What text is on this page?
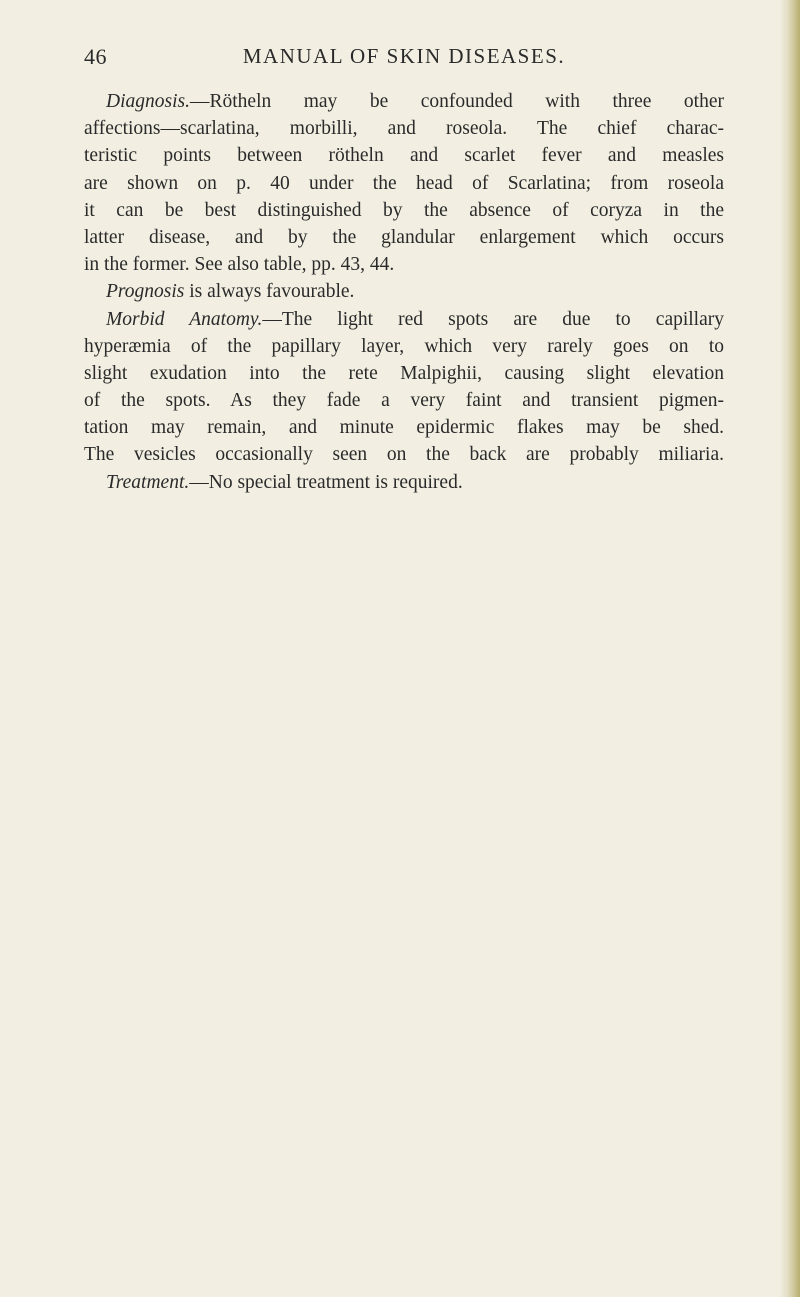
46	MANUAL OF SKIN DISEASES.
Diagnosis.—Rötheln may be confounded with three other
affections—scarlatina, morbilli, and roseola. The chief charac-
teristic points between rötheln and scarlet fever and measles
are shown on p. 40 under the head of Scarlatina; from roseola
it can be best distinguished by the absence of coryza in the
latter disease, and by the glandular enlargement which occurs
in the former. See also table, pp. 43, 44.
Prognosis is always favourable.
Morbid Anatomy.—The light red spots are due to capillary
hyperæmia of the papillary layer, which very rarely goes on to
slight exudation into the rete Malpighii, causing slight elevation
of the spots. As they fade a very faint and transient pigmen-
tation may remain, and minute epidermic flakes may be shed.
The vesicles occasionally seen on the back are probably miliaria.
Treatment.—No special treatment is required.
